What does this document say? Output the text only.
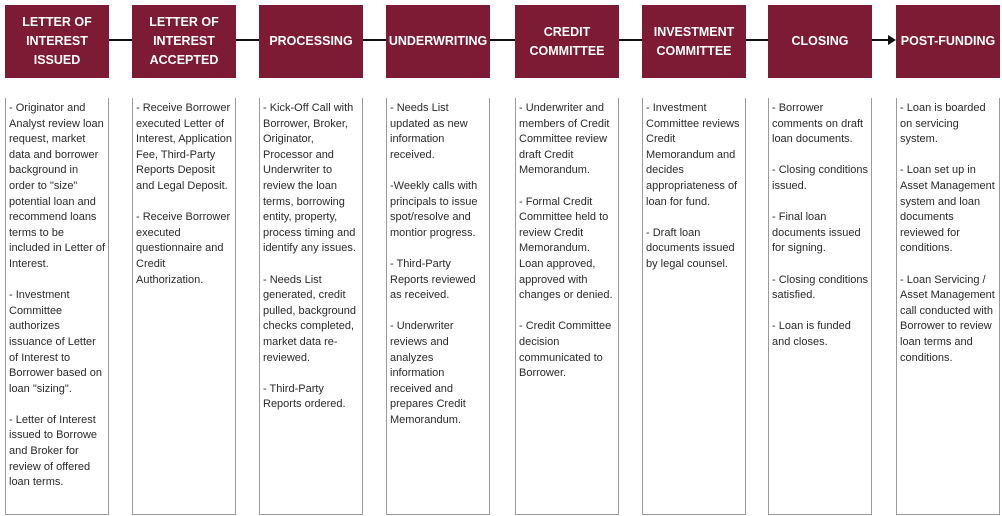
LETTER OF
INTEREST
ISSUED

- Originator and Analyst review loan request, market data and borrower background in order to "size" potential loan and recommend loans terms to be included in Letter of Interest.

- Investment Committee authorizes issuance of Letter of Interest to Borrower based on loan "sizing".

- Letter of Interest issued to Borrowe and Broker for review of offered loan terms.

LETTER OF
INTEREST
ACCEPTED

- Receive Borrower executed Letter of Interest, Application Fee, Third-Party Reports Deposit and Legal Deposit.

- Receive Borrower executed questionnaire and Credit Authorization.

PROCESSING

- Kick-Off Call with Borrower, Broker, Originator, Processor and Underwriter to review the loan terms, borrowing entity, property, process timing and identify any issues.

- Needs List generated, credit pulled, background checks completed, market data re-reviewed.

- Third-Party Reports ordered.

UNDERWRITING

- Needs List updated as new information received.

-Weekly calls with principals to issue spot/resolve and montior progress.

- Third-Party Reports reviewed as received.

- Underwriter reviews and analyzes information received and prepares Credit Memorandum.

CREDIT
COMMITTEE

- Underwriter and members of Credit Committee review draft Credit Memorandum.

- Formal Credit Committee held to review Credit Memorandum. Loan approved, approved with changes or denied.

- Credit Committee decision communicated to Borrower.

INVESTMENT
COMMITTEE

- Investment Committee reviews Credit Memorandum and decides appropriateness of loan for fund.

- Draft loan documents issued by legal counsel.

CLOSING

- Borrower comments on draft loan documents.

- Closing conditions issued.

- Final loan documents issued for signing.

- Closing conditions satisfied.

- Loan is funded and closes.

POST-FUNDING

- Loan is boarded on servicing system.

- Loan set up in Asset Management system and loan documents reviewed for conditions.

- Loan Servicing / Asset Management call conducted with Borrower to review loan terms and conditions.
